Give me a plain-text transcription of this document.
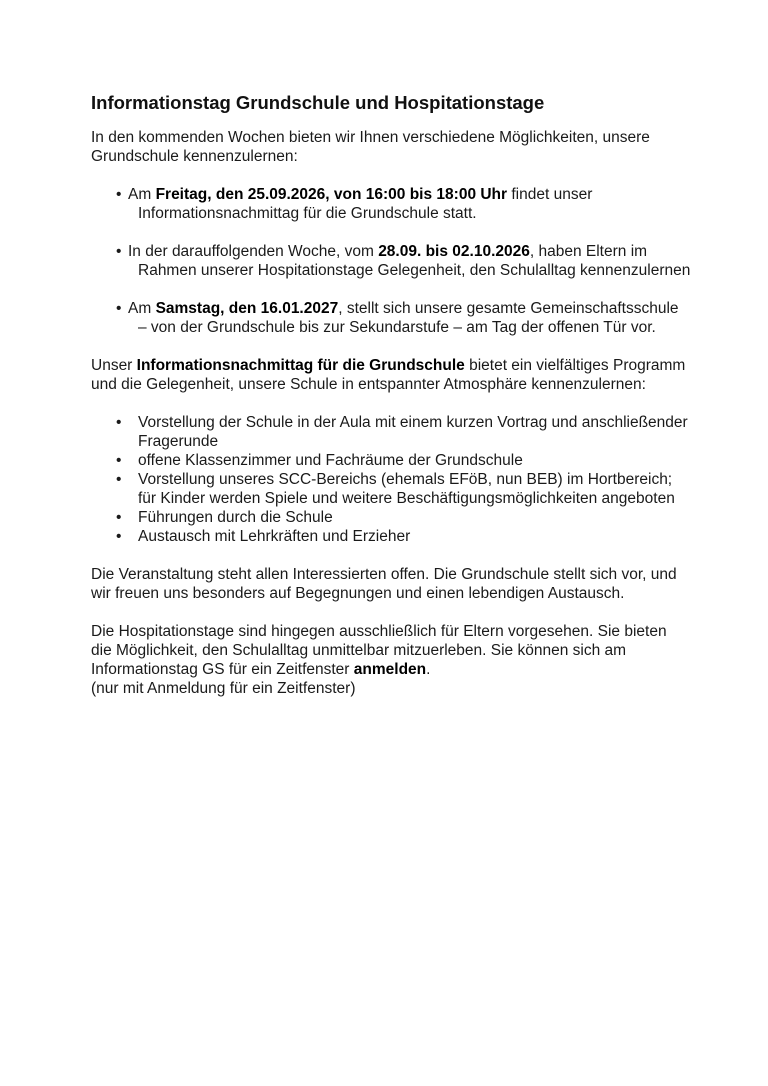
Informationstag Grundschule und Hospitationstage

In den kommenden Wochen bieten wir Ihnen verschiedene Möglichkeiten, unsere Grundschule kennenzulernen:

• Am Freitag, den 25.09.2026, von 16:00 bis 18:00 Uhr findet unser Informationsnachmittag für die Grundschule statt.
• In der darauffolgenden Woche, vom 28.09. bis 02.10.2026, haben Eltern im Rahmen unserer Hospitationstage Gelegenheit, den Schulalltag kennenzulernen
• Am Samstag, den 16.01.2027, stellt sich unsere gesamte Gemeinschaftsschule – von der Grundschule bis zur Sekundarstufe – am Tag der offenen Tür vor.

Unser Informationsnachmittag für die Grundschule bietet ein vielfältiges Programm und die Gelegenheit, unsere Schule in entspannter Atmosphäre kennenzulernen:

• Vorstellung der Schule in der Aula mit einem kurzen Vortrag und anschließender Fragerunde
• offene Klassenzimmer und Fachräume der Grundschule
• Vorstellung unseres SCC-Bereichs (ehemals EFöB, nun BEB) im Hortbereich; für Kinder werden Spiele und weitere Beschäftigungsmöglichkeiten angeboten
• Führungen durch die Schule
• Austausch mit Lehrkräften und Erzieher

Die Veranstaltung steht allen Interessierten offen. Die Grundschule stellt sich vor, und wir freuen uns besonders auf Begegnungen und einen lebendigen Austausch.

Die Hospitationstage sind hingegen ausschließlich für Eltern vorgesehen. Sie bieten die Möglichkeit, den Schulalltag unmittelbar mitzuerleben. Sie können sich am Informationstag GS für ein Zeitfenster anmelden.
(nur mit Anmeldung für ein Zeitfenster)
